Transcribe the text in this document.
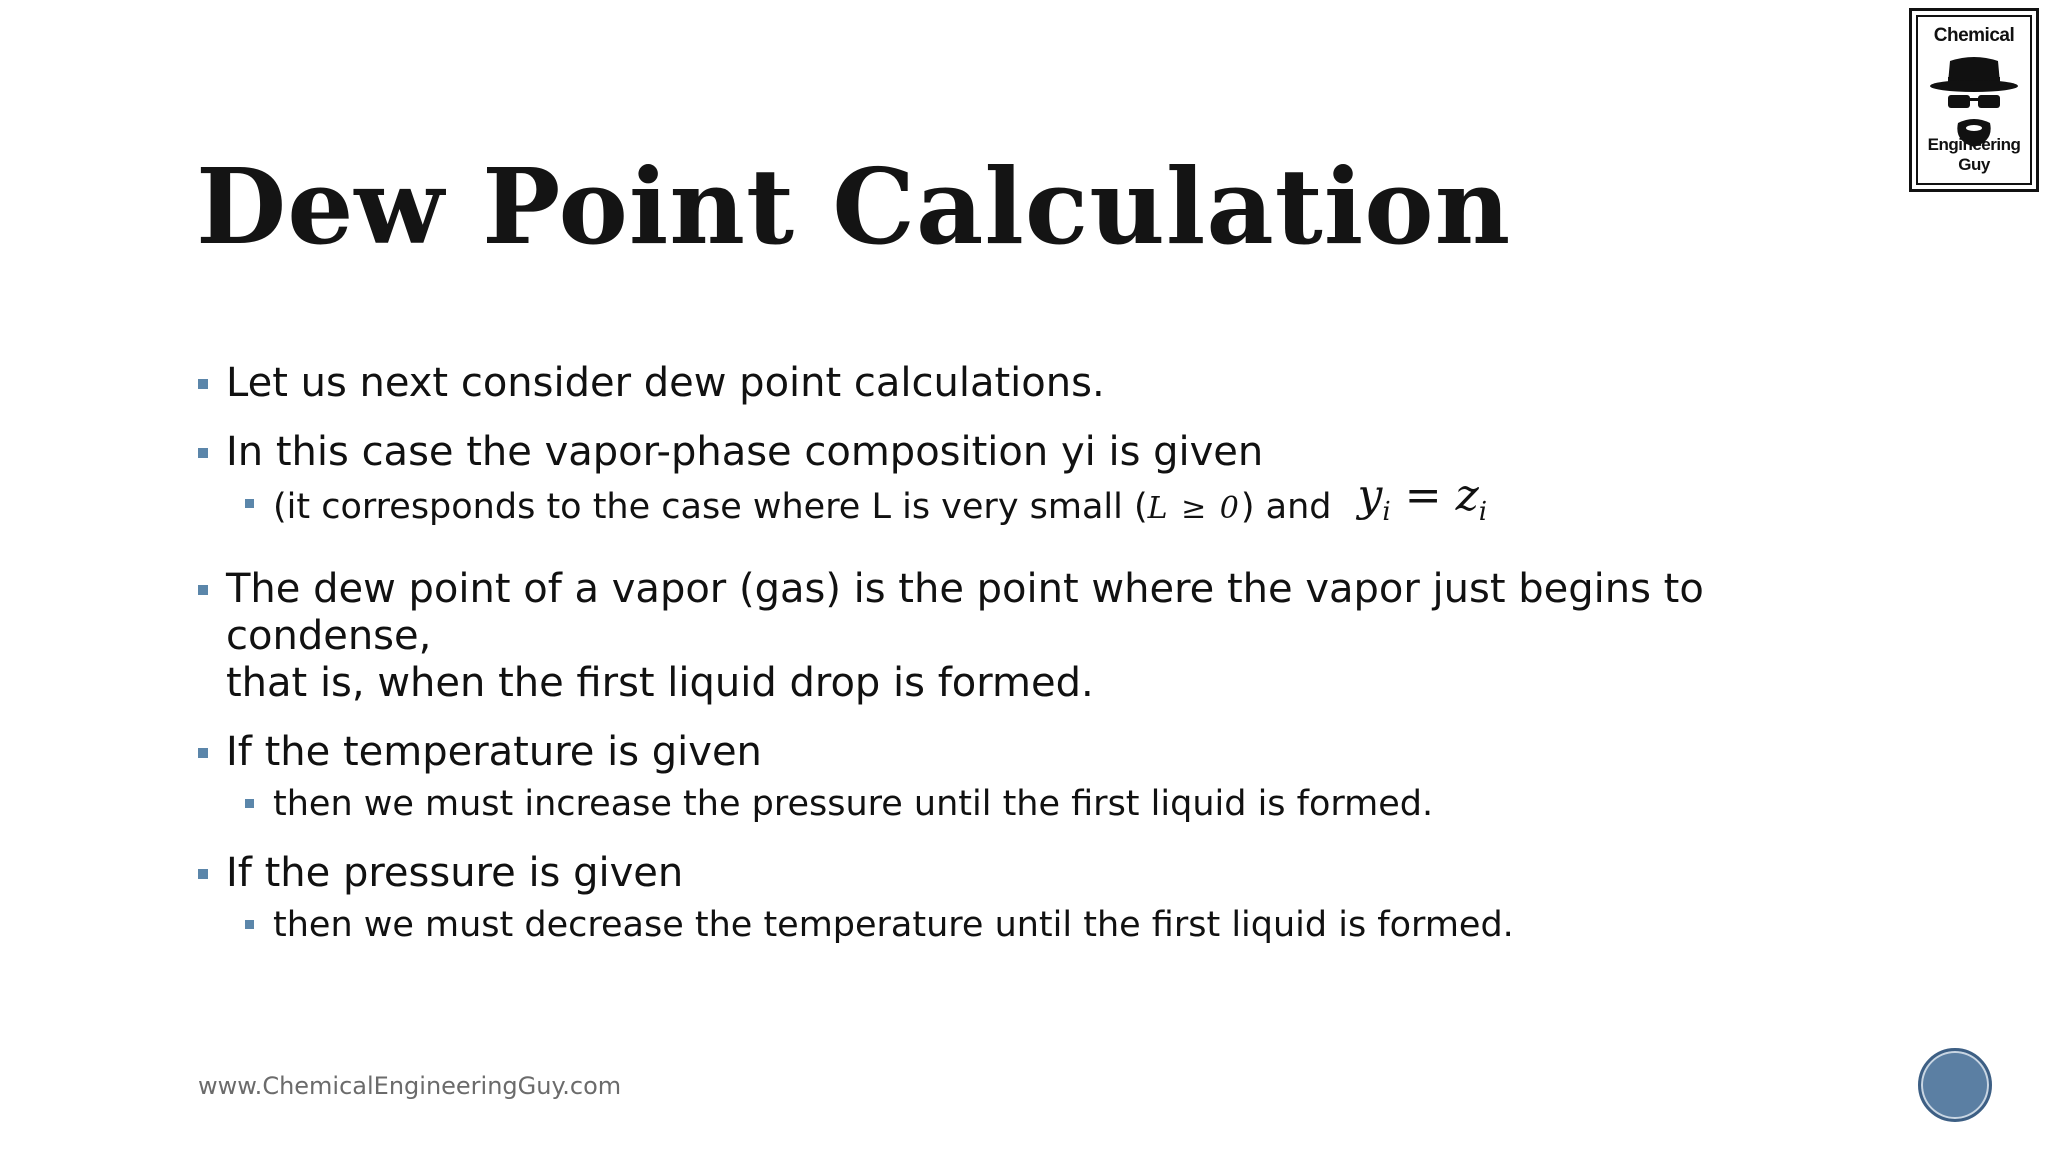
Dew Point Calculation
Chemical
Engineering Guy
Let us next consider dew point calculations.
In this case the vapor-phase composition yi is given
(it corresponds to the case where L is very small (L ≥ 0) and $y_i = z_i$
The dew point of a vapor (gas) is the point where the vapor just begins to condense,
that is, when the first liquid drop is formed.
If the temperature is given
then we must increase the pressure until the first liquid is formed.
If the pressure is given
then we must decrease the temperature until the first liquid is formed.
www.ChemicalEngineeringGuy.com
